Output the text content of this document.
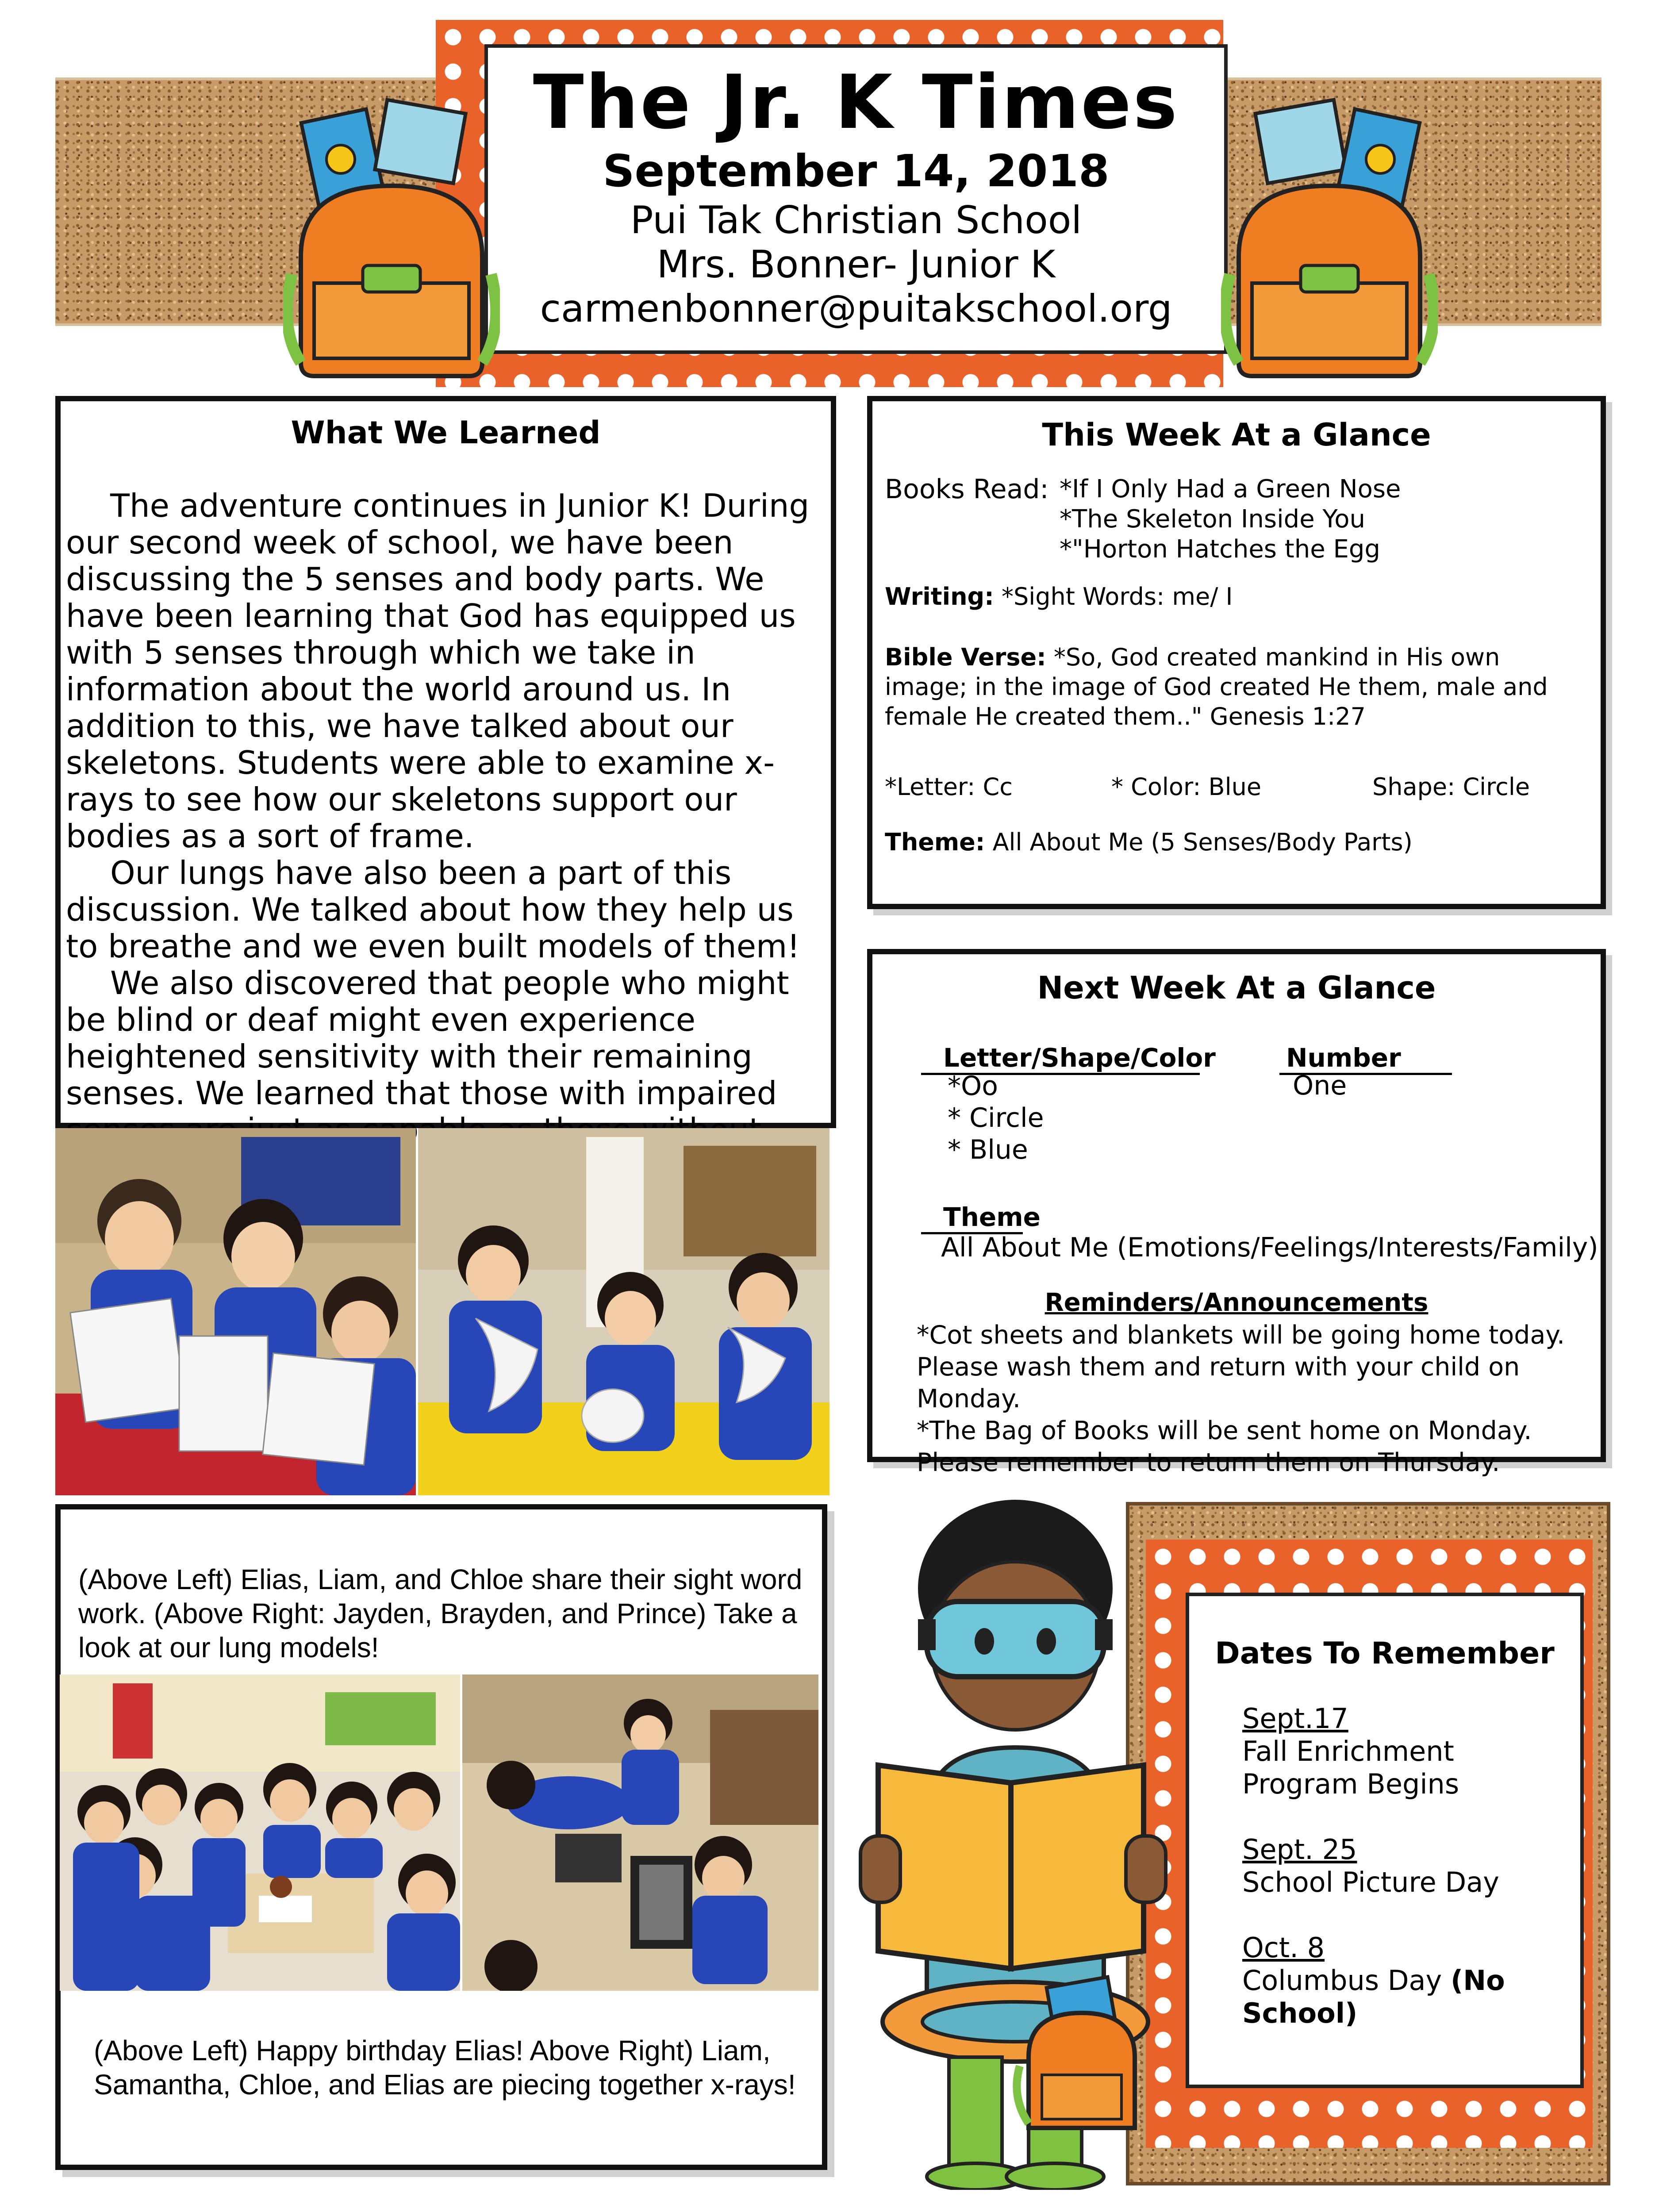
The Jr. K Times
September 14, 2018
Pui Tak Christian School
Mrs. Bonner- Junior K
carmenbonner@puitakschool.org
What We Learned

The adventure continues in Junior K! During our second week of school, we have been discussing the 5 senses and body parts. We have been learning that God has equipped us with 5 senses through which we take in information about the world around us. In addition to this, we have talked about our skeletons. Students were able to examine x-rays to see how our skeletons support our bodies as a sort of frame.

Our lungs have also been a part of this discussion. We talked about how they help us to breathe and we even built models of them!

We also discovered that people who might be blind or deaf might even experience heightened sensitivity with their remaining senses. We learned that those with impaired

This Week At a Glance
Books Read: *If I Only Had a Green Nose
*The Skeleton Inside You
*"Horton Hatches the Egg
Writing: *Sight Words: me/ I
Bible Verse: *So, God created mankind in His own image; in the image of God created He them, male and female He created them.." Genesis 1:27
*Letter: Cc	* Color: Blue	Shape: Circle
Theme: All About Me (5 Senses/Body Parts)
Next Week At a Glance
Letter/Shape/Color
*Oo
* Circle
* Blue
Number
One
Theme
All About Me (Emotions/Feelings/Interests/Family)
Reminders/Announcements
*Cot sheets and blankets will be going home today. Please wash them and return with your child on Monday.
*The Bag of Books will be sent home on Monday. Please remember to return them on Thursday.
(Above Left) Elias, Liam, and Chloe share their sight word work. (Above Right: Jayden, Brayden, and Prince) Take a look at our lung models!
(Above Left) Happy birthday Elias! Above Right) Liam, Samantha, Chloe, and Elias are piecing together x-rays!
Dates To Remember
Sept.17
Fall Enrichment Program Begins
Sept. 25
School Picture Day
Oct. 8
Columbus Day (No School)
